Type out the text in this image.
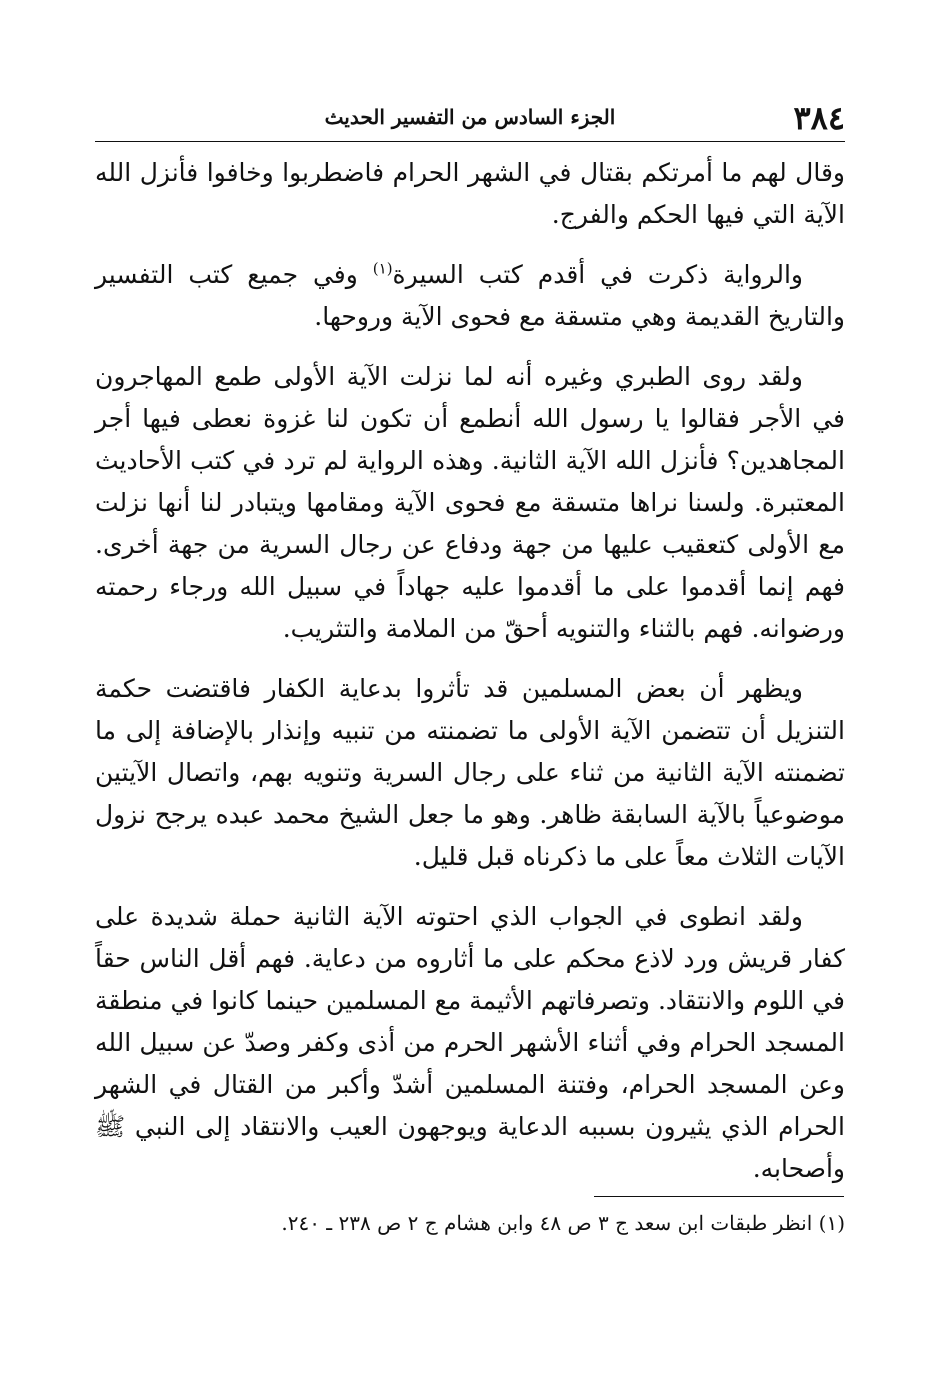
٣٨٤
الجزء السادس من التفسير الحديث

وقال لهم ما أمرتكم بقتال في الشهر الحرام فاضطربوا وخافوا فأنزل الله الآية التي فيها الحكم والفرج.

والرواية ذكرت في أقدم كتب السيرة$^{(١)}$ وفي جميع كتب التفسير والتاريخ القديمة وهي متسقة مع فحوى الآية وروحها.

ولقد روى الطبري وغيره أنه لما نزلت الآية الأولى طمع المهاجرون في الأجر فقالوا يا رسول الله أنطمع أن تكون لنا غزوة نعطى فيها أجر المجاهدين؟ فأنزل الله الآية الثانية. وهذه الرواية لم ترد في كتب الأحاديث المعتبرة. ولسنا نراها متسقة مع فحوى الآية ومقامها ويتبادر لنا أنها نزلت مع الأولى كتعقيب عليها من جهة ودفاع عن رجال السرية من جهة أخرى. فهم إنما أقدموا على ما أقدموا عليه جهاداً في سبيل الله ورجاء رحمته ورضوانه. فهم بالثناء والتنويه أحقّ من الملامة والتثريب.

ويظهر أن بعض المسلمين قد تأثروا بدعاية الكفار فاقتضت حكمة التنزيل أن تتضمن الآية الأولى ما تضمنته من تنبيه وإنذار بالإضافة إلى ما تضمنته الآية الثانية من ثناء على رجال السرية وتنويه بهم، واتصال الآيتين موضوعياً بالآية السابقة ظاهر. وهو ما جعل الشيخ محمد عبده يرجح نزول الآيات الثلاث معاً على ما ذكرناه قبل قليل.

ولقد انطوى في الجواب الذي احتوته الآية الثانية حملة شديدة على كفار قريش ورد لاذع محكم على ما أثاروه من دعاية. فهم أقل الناس حقاً في اللوم والانتقاد. وتصرفاتهم الأثيمة مع المسلمين حينما كانوا في منطقة المسجد الحرام وفي أثناء الأشهر الحرم من أذى وكفر وصدّ عن سبيل الله وعن المسجد الحرام، وفتنة المسلمين أشدّ وأكبر من القتال في الشهر الحرام الذي يثيرون بسببه الدعاية ويوجهون العيب والانتقاد إلى النبي ﷺ وأصحابه.

(١) انظر طبقات ابن سعد ج ٣ ص ٤٨ وابن هشام ج ٢ ص ٢٣٨ ـ ٢٤٠.
